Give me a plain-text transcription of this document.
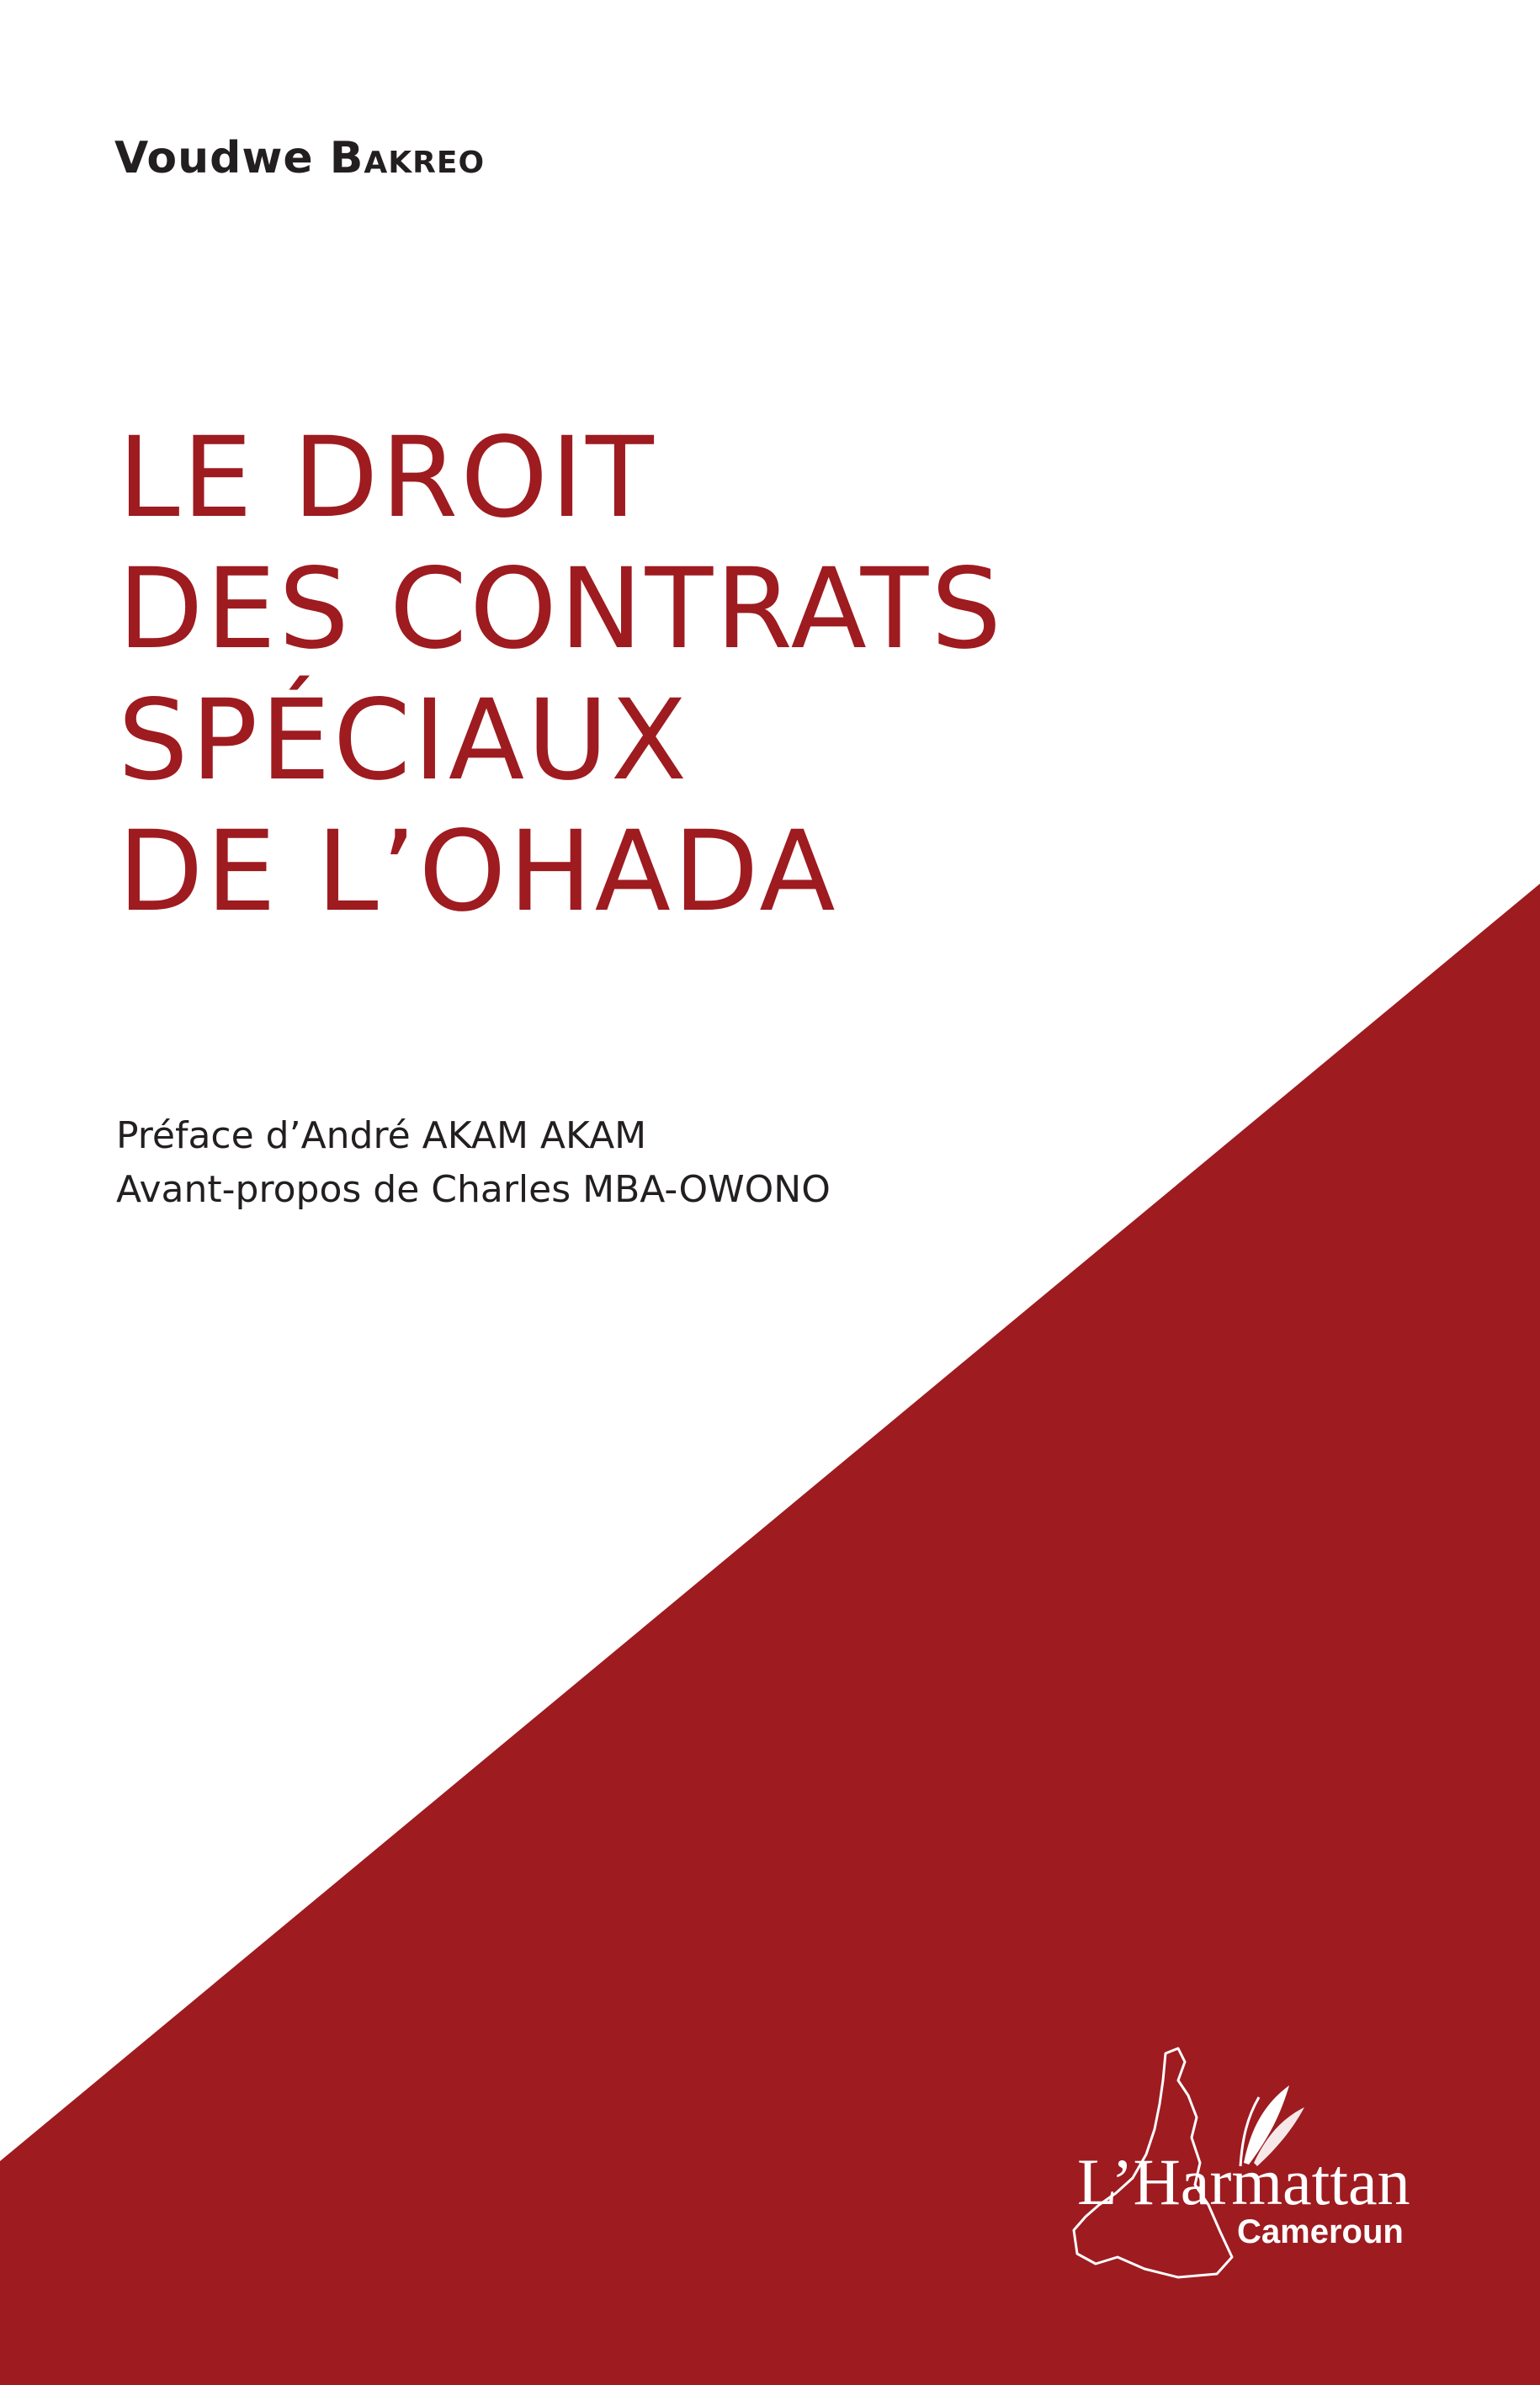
Voudwe Bakreo
LE DROIT
DES CONTRATS
SPÉCIAUX
DE L’OHADA
Préface d’André AKAM AKAM
Avant-propos de Charles MBA-OWONO
L’Harmattan
Cameroun
